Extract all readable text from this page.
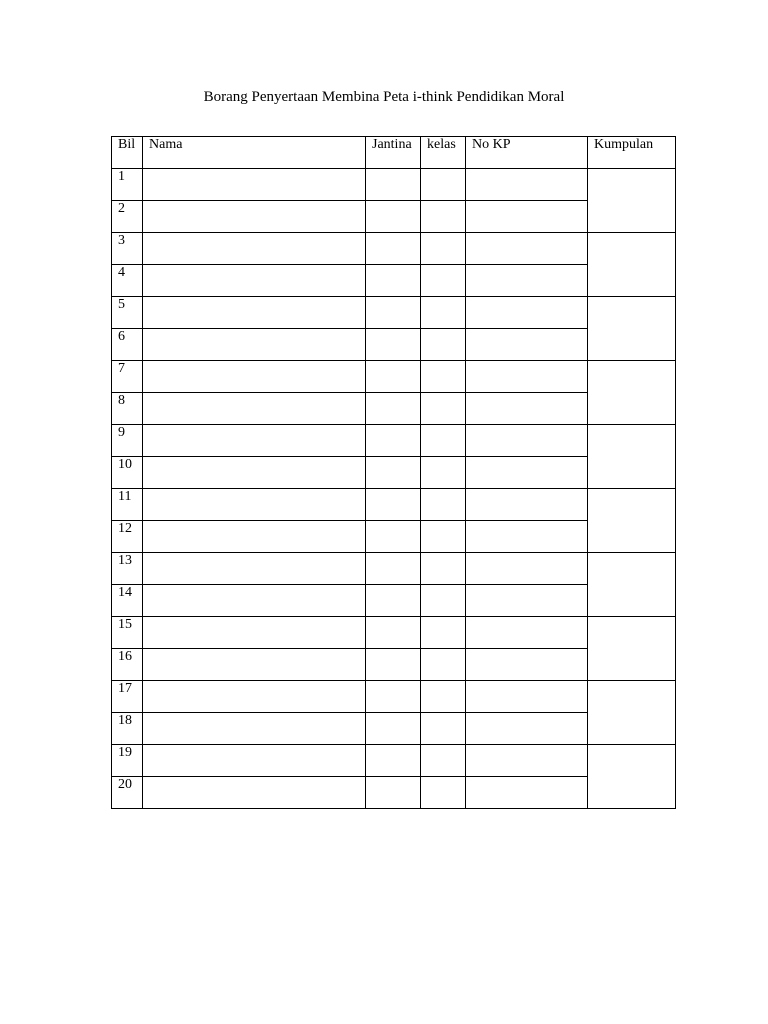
Borang Penyertaan Membina Peta i-think Pendidikan Moral
Bil	Nama	Jantina	kelas	No KP	Kumpulan

1					

2					

3					

4					

5					

6					

7					

8					

9					

10					

11					

12					

13					

14					

15					

16					

17					

18					

19					

20					
